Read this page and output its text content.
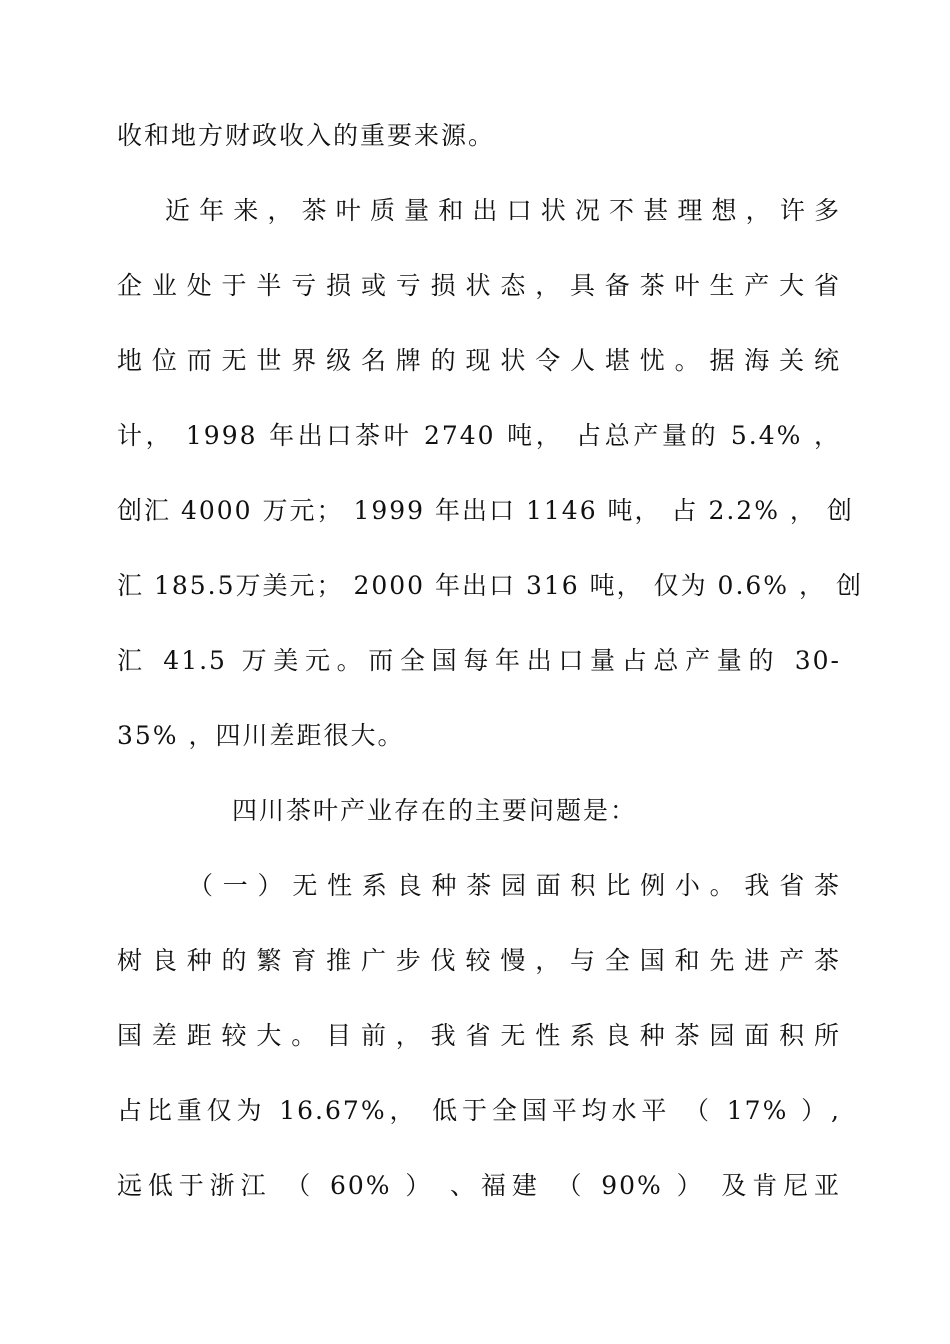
收和地方财政收入的重要来源。
近年来，茶叶质量和出口状况不甚理想，许多
企业处于半亏损或亏损状态，具备茶叶生产大省
地位而无世界级名牌的现状令人堪忧。据海关统
计， 1998 年出口茶叶 2740 吨， 占总产量的 5.4% ，
创汇 4000 万元； 1999 年出口 1146 吨， 占 2.2% ， 创
汇 185.5万美元； 2000 年出口 316 吨， 仅为 0.6% ， 创
汇 41.5 万美元。而全国每年出口量占总产量的 30-
35% ，四川差距很大。
四川茶叶产业存在的主要问题是：
（一）无性系良种茶园面积比例小。我省茶
树良种的繁育推广步伐较慢，与全国和先进产茶
国差距较大。目前，我省无性系良种茶园面积所
占比重仅为 16.67%， 低于全国平均水平 （ 17% ）,
远低于浙江 （ 60% ） 、福建 （ 90% ） 及肯尼亚
